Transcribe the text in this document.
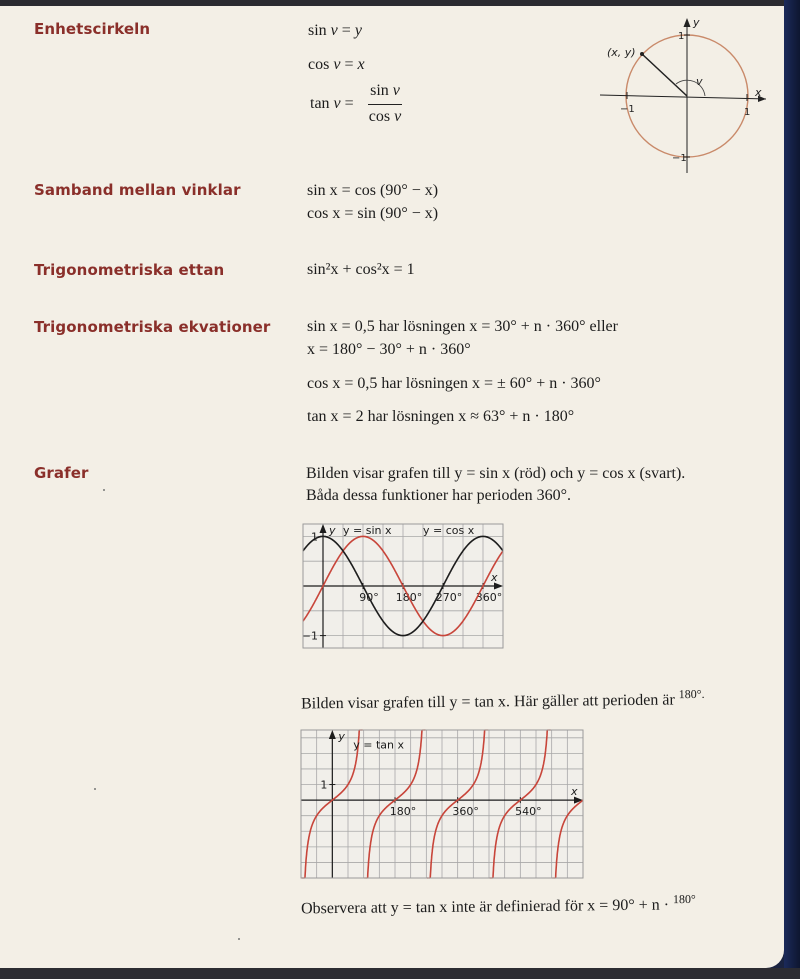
Enhetscirkeln	sin v = y
cos v = x
tan v =
sin v
cos v
(x, y)
v
x
y
1
1
−1
−1
Samband mellan vinklar	sin x = cos (90° − x)
cos x = sin (90° − x)
Trigonometriska ettan	sin²x + cos²x = 1
Trigonometriska ekvationer sin x = 0,5 har lösningen x = 30° + n · 360° eller
x = 180° − 30° + n · 360°
cos x = 0,5 har lösningen x = ± 60° + n · 360°
tan x = 2 har lösningen x ≈ 63° + n · 180°
Grafer	Bilden visar grafen till y = sin x (röd) och y = cos x (svart).
Båda dessa funktioner har perioden 360°.
x
y
90° 180° 270° 360°
1
−1
y = sin x	y = cos x
Bilden visar grafen till y = tan x. Här gäller att perioden är $^{180^\circ.}$
x
y
180°	360°	540°
1
y = tan x
Observera att y = tan x inte är definierad för x = 90° + n · $^{180^\circ}$
